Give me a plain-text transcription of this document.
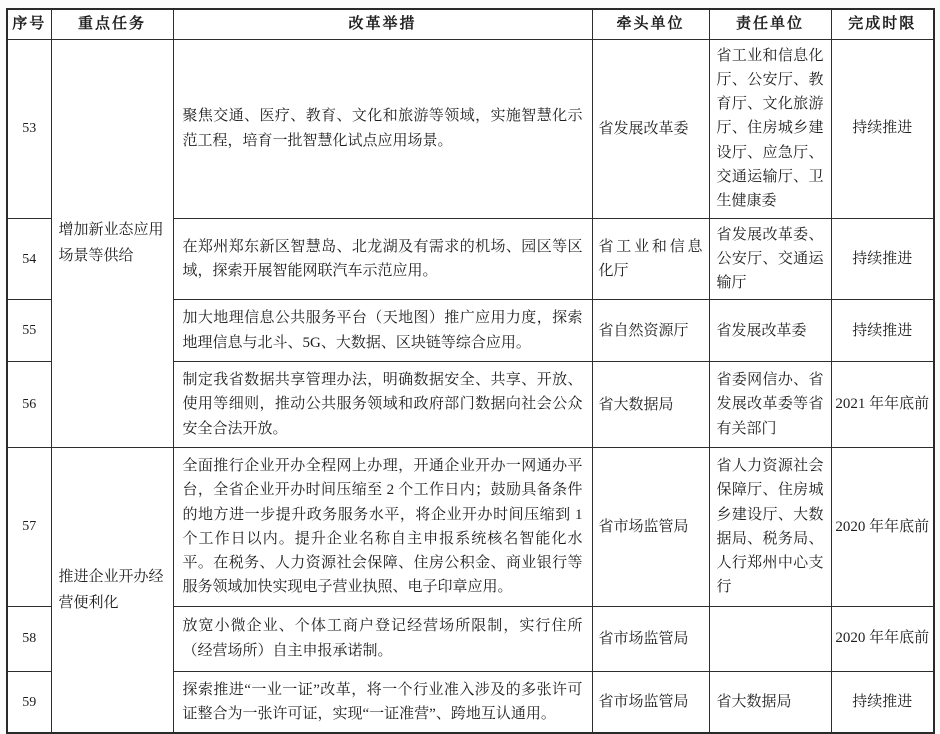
序号	重点任务	改革举措	牵头单位	责任单位	完成时限
53	增加新业态应用场景等供给	聚焦交通、医疗、教育、文化和旅游等领域，实施智慧化示范工程，培育一批智慧化试点应用场景。	省发展改革委	省工业和信息化厅、公安厅、教育厅、文化旅游厅、住房城乡建设厅、应急厅、交通运输厅、卫生健康委	持续推进
54		在郑州郑东新区智慧岛、北龙湖及有需求的机场、园区等区域，探索开展智能网联汽车示范应用。	省工业和信息化厅	省发展改革委、公安厅、交通运输厅	持续推进
55		加大地理信息公共服务平台（天地图）推广应用力度，探索地理信息与北斗、5G、大数据、区块链等综合应用。	省自然资源厅	省发展改革委	持续推进
56		制定我省数据共享管理办法，明确数据安全、共享、开放、使用等细则，推动公共服务领域和政府部门数据向社会公众安全合法开放。	省大数据局	省委网信办、省发展改革委等省有关部门	2021 年年底前
57	推进企业开办经营便利化	全面推行企业开办全程网上办理，开通企业开办一网通办平台，全省企业开办时间压缩至 2 个工作日内；鼓励具备条件的地方进一步提升政务服务水平，将企业开办时间压缩到 1 个工作日以内。提升企业名称自主申报系统核名智能化水平。在税务、人力资源社会保障、住房公积金、商业银行等服务领域加快实现电子营业执照、电子印章应用。	省市场监管局	省人力资源社会保障厅、住房城乡建设厅、大数据局、税务局、人行郑州中心支行	2020 年年底前
58		放宽小微企业、个体工商户登记经营场所限制，实行住所（经营场所）自主申报承诺制。	省市场监管局		2020 年年底前
59		探索推进“一业一证”改革，将一个行业准入涉及的多张许可证整合为一张许可证，实现“一证准营”、跨地互认通用。	省市场监管局	省大数据局	持续推进
